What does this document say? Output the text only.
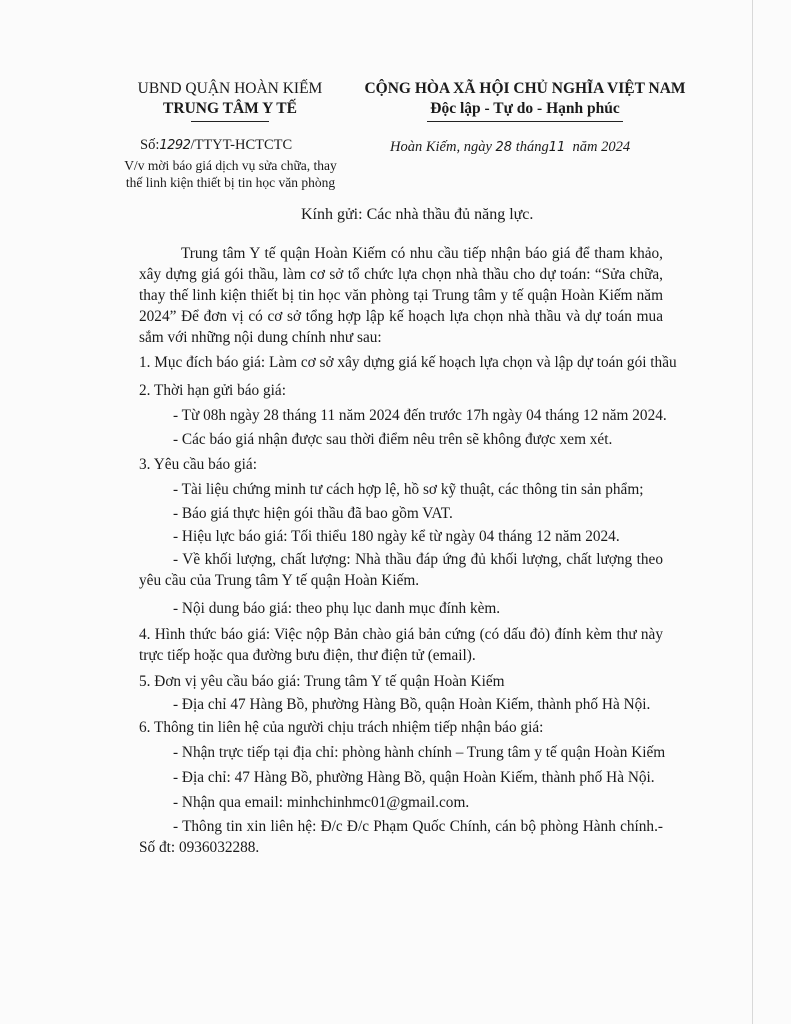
UBND QUẬN HOÀN KIẾM
TRUNG TÂM Y TẾ
CỘNG HÒA XÃ HỘI CHỦ NGHĨA VIỆT NAM
Độc lập - Tự do - Hạnh phúc
Số:1292/TTYT-HCTCTC
V/v mời báo giá dịch vụ sửa chữa, thay thế linh kiện thiết bị tin học văn phòng
Hoàn Kiếm, ngày 28 tháng11 năm 2024
Kính gửi: Các nhà thầu đủ năng lực.
Trung tâm Y tế quận Hoàn Kiếm có nhu cầu tiếp nhận báo giá để tham khảo, xây dựng giá gói thầu, làm cơ sở tổ chức lựa chọn nhà thầu cho dự toán: “Sửa chữa, thay thế linh kiện thiết bị tin học văn phòng tại Trung tâm y tế quận Hoàn Kiếm năm 2024” Để đơn vị có cơ sở tổng hợp lập kế hoạch lựa chọn nhà thầu và dự toán mua sắm với những nội dung chính như sau:
1. Mục đích báo giá: Làm cơ sở xây dựng giá kế hoạch lựa chọn và lập dự toán gói thầu
2. Thời hạn gửi báo giá:
- Từ 08h ngày 28 tháng 11 năm 2024 đến trước 17h ngày 04 tháng 12 năm 2024.
- Các báo giá nhận được sau thời điểm nêu trên sẽ không được xem xét.
3. Yêu cầu báo giá:
- Tài liệu chứng minh tư cách hợp lệ, hồ sơ kỹ thuật, các thông tin sản phẩm;
- Báo giá thực hiện gói thầu đã bao gồm VAT.
- Hiệu lực báo giá: Tối thiểu 180 ngày kể từ ngày 04 tháng 12 năm 2024.
- Về khối lượng, chất lượng: Nhà thầu đáp ứng đủ khối lượng, chất lượng theo yêu cầu của Trung tâm Y tế quận Hoàn Kiếm.
- Nội dung báo giá: theo phụ lục danh mục đính kèm.
4. Hình thức báo giá: Việc nộp Bản chào giá bản cứng (có dấu đỏ) đính kèm thư này trực tiếp hoặc qua đường bưu điện, thư điện tử (email).
5. Đơn vị yêu cầu báo giá: Trung tâm Y tế quận Hoàn Kiếm
- Địa chỉ 47 Hàng Bồ, phường Hàng Bồ, quận Hoàn Kiếm, thành phố Hà Nội.
6. Thông tin liên hệ của người chịu trách nhiệm tiếp nhận báo giá:
- Nhận trực tiếp tại địa chỉ: phòng hành chính – Trung tâm y tế quận Hoàn Kiếm
- Địa chỉ: 47 Hàng Bồ, phường Hàng Bồ, quận Hoàn Kiếm, thành phố Hà Nội.
- Nhận qua email: minhchinhmc01@gmail.com.
- Thông tin xin liên hệ: Đ/c Đ/c Phạm Quốc Chính, cán bộ phòng Hành chính.- Số đt: 0936032288.
